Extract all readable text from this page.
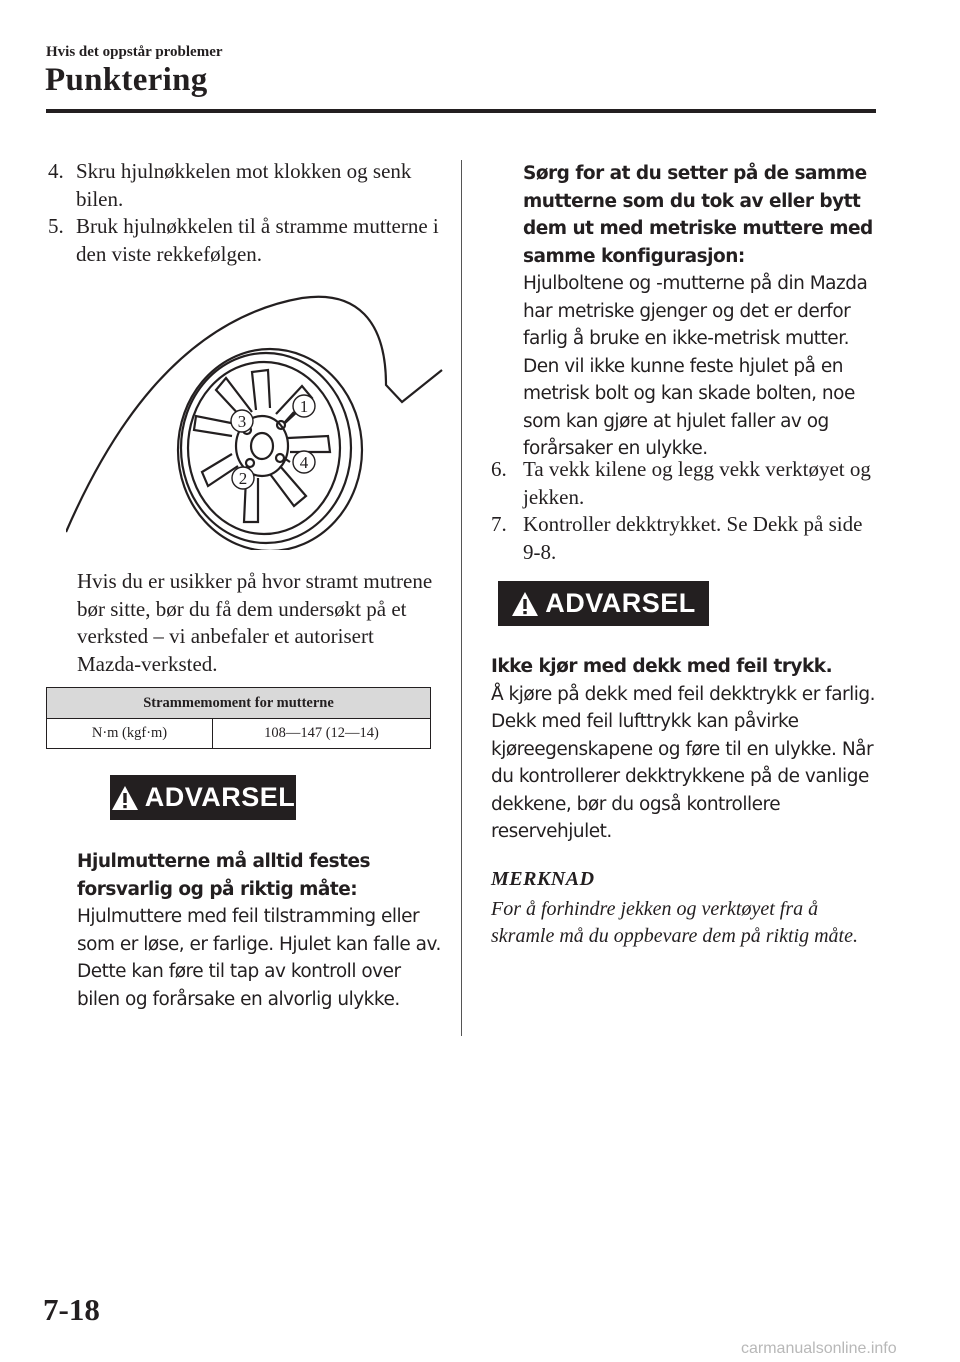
Hvis det oppstår problemer
Punktering
4. Skru hjulnøkkelen mot klokken og senk bilen.
5. Bruk hjulnøkkelen til å stramme mutterne i den viste rekkefølgen.
1
3
2
4
Hvis du er usikker på hvor stramt mutrene bør sitte, bør du få dem undersøkt på et verksted – vi anbefaler et autorisert Mazda-verksted.
Strammemoment for mutterne
N·m (kgf·m)	108—147 (12—14)
ADVARSEL
Hjulmutterne må alltid festes forsvarlig og på riktig måte:
Hjulmuttere med feil tilstramming eller som er løse, er farlige. Hjulet kan falle av. Dette kan føre til tap av kontroll over bilen og forårsake en alvorlig ulykke.
Sørg for at du setter på de samme mutterne som du tok av eller bytt dem ut med metriske muttere med samme konfigurasjon:
Hjulboltene og -mutterne på din Mazda har metriske gjenger og det er derfor farlig å bruke en ikke-metrisk mutter. Den vil ikke kunne feste hjulet på en metrisk bolt og kan skade bolten, noe som kan gjøre at hjulet faller av og forårsaker en ulykke.
6. Ta vekk kilene og legg vekk verktøyet og jekken.
7. Kontroller dekktrykket. Se Dekk på side 9-8.
ADVARSEL
Ikke kjør med dekk med feil trykk.
Å kjøre på dekk med feil dekktrykk er farlig. Dekk med feil lufttrykk kan påvirke kjøreegenskapene og føre til en ulykke. Når du kontrollerer dekktrykkene på de vanlige dekkene, bør du også kontrollere reservehjulet.
MERKNAD
For å forhindre jekken og verktøyet fra å skramle må du oppbevare dem på riktig måte.
7-18
carmanualsonline.info
